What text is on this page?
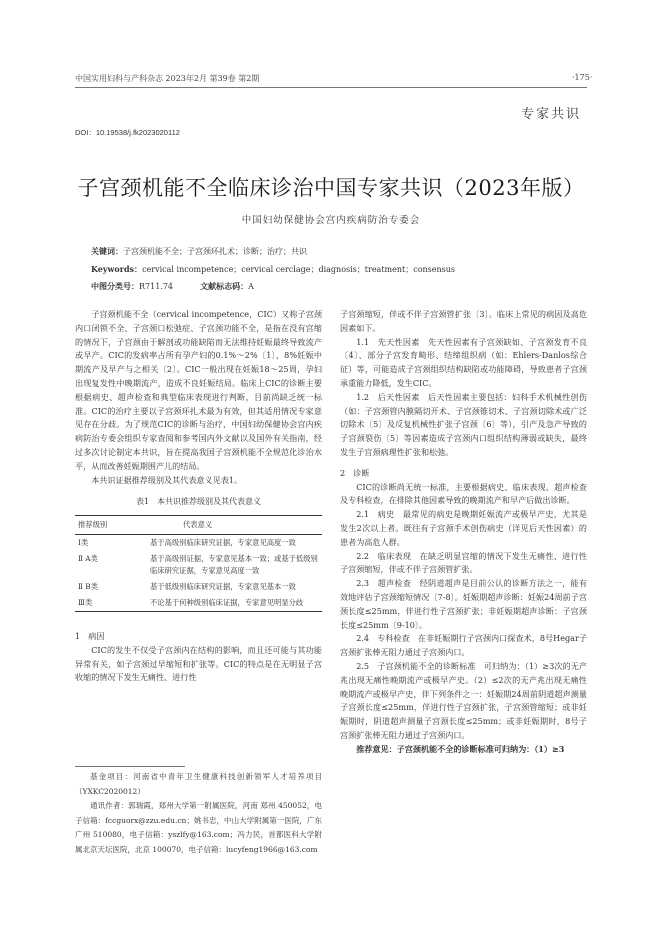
中国实用妇科与产科杂志 2023年2月 第39卷 第2期	·175·
专家共识
DOI：10.19538/j.fk2023020112
子宫颈机能不全临床诊治中国专家共识（2023年版）
中国妇幼保健协会宫内疾病防治专委会
关键词：子宫颈机能不全；子宫颈环扎术；诊断；治疗；共识
Keywords：cervical incompetence；cervical cerclage；diagnosis；treatment；consensus
中图分类号：R711.74	文献标志码：A

子宫颈机能不全（cervical incompetence，CIC）又称子宫颈内口闭锁不全、子宫颈口松弛症、子宫颈功能不全，是指在没有宫缩的情况下，子宫颈由于解剖或功能缺陷而无法维持妊娠最终导致流产或早产。CIC的发病率占所有孕产妇的0.1%～2%〔1〕，8%妊娠中期流产及早产与之相关〔2〕。CIC一般出现在妊娠18～25周，孕妇出现复发性中晚期流产，造成不良妊娠结局。临床上CIC的诊断主要根据病史、超声检查和典型临床表现进行判断，目前尚缺乏统一标准。CIC的治疗主要以子宫颈环扎术最为有效，但其适用情况专家意见存在分歧。为了规范CIC的诊断与治疗，中国妇幼保健协会宫内疾病防治专委会组织专家查阅和参考国内外文献以及国外有关指南，经过多次讨论制定本共识，旨在提高我国子宫颈机能不全规范化诊治水平，从而改善妊娠期围产儿的结局。

本共识证据推荐级别及其代表意义见表1。

表1　本共识推荐级别及其代表意义
推荐级别	代表意义
Ⅰ类	基于高级别临床研究证据，专家意见高度一致
Ⅱ A类	基于高级别证据，专家意见基本一致；或基于低级别临床研究证据，专家意见高度一致
Ⅱ B类	基于低级别临床研究证据，专家意见基本一致
Ⅲ类	不论基于何种级别临床证据，专家意见明显分歧

1　病因

CIC的发生不仅受子宫颈内在结构的影响，而且还可能与其功能异常有关，如子宫颈过早缩短和扩张等。CIC的特点是在无明显子宫收缩的情况下发生无痛性、进行性

基金项目：河南省中青年卫生健康科技创新领军人才培养项目（YXKC2020012）

通讯作者：郭瑞霞，郑州大学第一附属医院，河南 郑州 450052，电子信箱：fccguorx@zzu.edu.cn；姚书忠，中山大学附属第一医院，广东 广州 510080，电子信箱：yszlfy@163.com；冯力民，首都医科大学附属北京天坛医院，北京 100070，电子信箱：lucyfeng1966@163.com

子宫颈缩短，伴或不伴子宫颈管扩张〔3〕。临床上常见的病因及高危因素如下。

1.1　先天性因素　先天性因素有子宫颈缺如、子宫颈发育不良〔4〕、部分子宫发育畸形、结缔组织病（如：Ehlers-Danlos综合征）等，可能造成子宫颈组织结构缺陷或功能障碍，导致患者子宫颈承重能力降低，发生CIC。

1.2　后天性因素　后天性因素主要包括：妇科手术机械性创伤（如：子宫颈管内膜隔切开术、子宫颈锥切术、子宫颈切除术或广泛切除术〔5〕及反复机械性扩张子宫颈〔6〕等），引产及急产导致的子宫颈裂伤〔5〕等因素造成子宫颈内口组织结构薄弱或缺失，最终发生子宫颈病理性扩张和松弛。

2　诊断

CIC的诊断尚无统一标准，主要根据病史、临床表现、超声检查及专科检查，在排除其他因素导致的晚期流产和早产后做出诊断。

2.1　病史　最常见的病史是晚期妊娠流产或极早产史，尤其是发生2次以上者。既往有子宫颈手术创伤病史（详见后天性因素）的患者为高危人群。

2.2　临床表现　在缺乏明显宫缩的情况下发生无痛性、进行性子宫颈缩短，伴或不伴子宫颈管扩张。

2.3　超声检查　经阴道超声是目前公认的诊断方法之一，能有效地评估子宫颈缩短情况〔7-8〕。妊娠期超声诊断：妊娠24周前子宫颈长度≤25mm，伴进行性子宫颈扩张；非妊娠期超声诊断：子宫颈长度≤25mm〔9-10〕。

2.4　专科检查　在非妊娠期行子宫颈内口探查术，8号Hegar子宫颈扩张棒无阻力通过子宫颈内口。

2.5　子宫颈机能不全的诊断标准　可归纳为：（1）≥3次的无产兆出现无痛性晚期流产或极早产史。（2）≤2次的无产兆出现无痛性晚期流产或极早产史，伴下列条件之一：妊娠期24周前阴道超声测量子宫颈长度≤25mm，伴进行性子宫颈扩张，子宫颈管缩短；或非妊娠期时，阴道超声测量子宫颈长度≤25mm；或非妊娠期时，8号子宫颈扩张棒无阻力通过子宫颈内口。

推荐意见：子宫颈机能不全的诊断标准可归纳为：（1）≥3
